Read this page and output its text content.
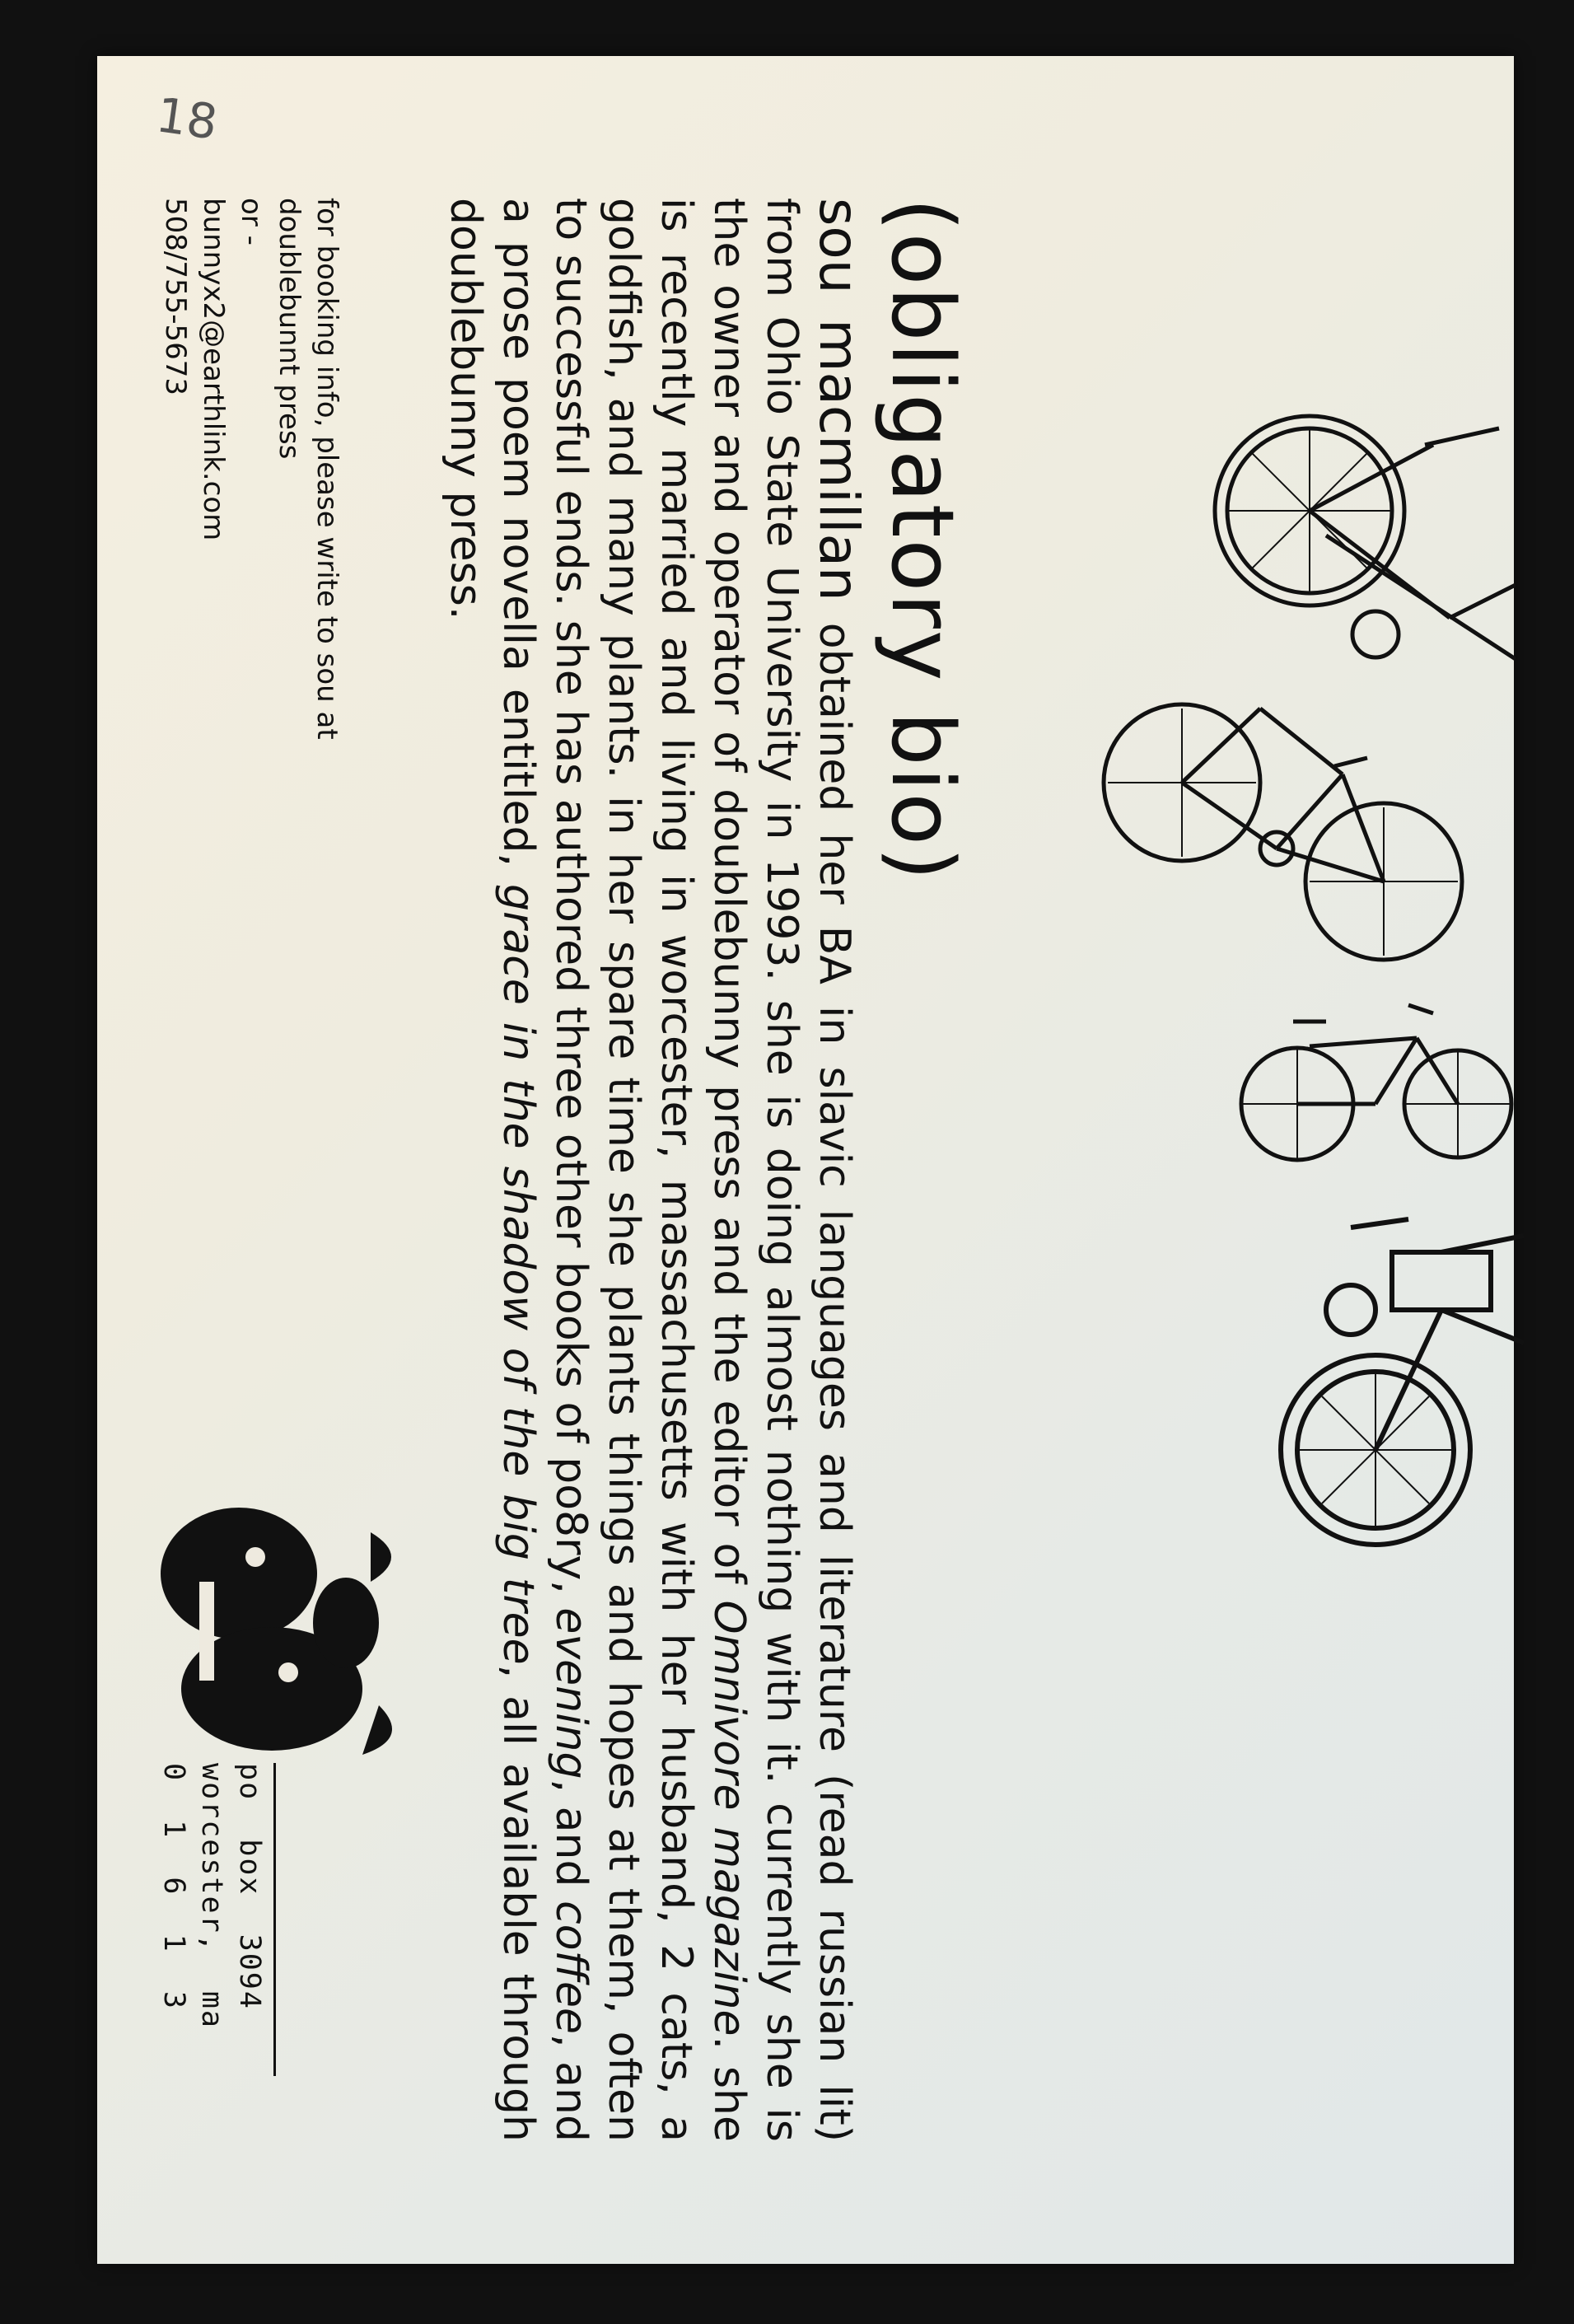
18
(obligatory bio)
sou macmillan obtained her BA in slavic languages and literature (read russian lit) from Ohio State University in 1993. she is doing almost nothing with it. currently she is the owner and operator of doublebunny press and the editor of Omnivore magazine. she is recently married and living in worcester, massachusetts with her husband, 2 cats, a goldfish, and many plants. in her spare time she plants things and hopes at them, often to successful ends. she has authored three other books of po8ry, evening, and coffee, and a prose poem novella entitled, grace in the shadow of the big tree, all available through doublebunny press.
for booking info, please write to sou at
doublebunnt press
or -
bunnyx2@earthlink.com
508/755-5673
po  box  3094
worcester,  ma
0  1  6  1  3
